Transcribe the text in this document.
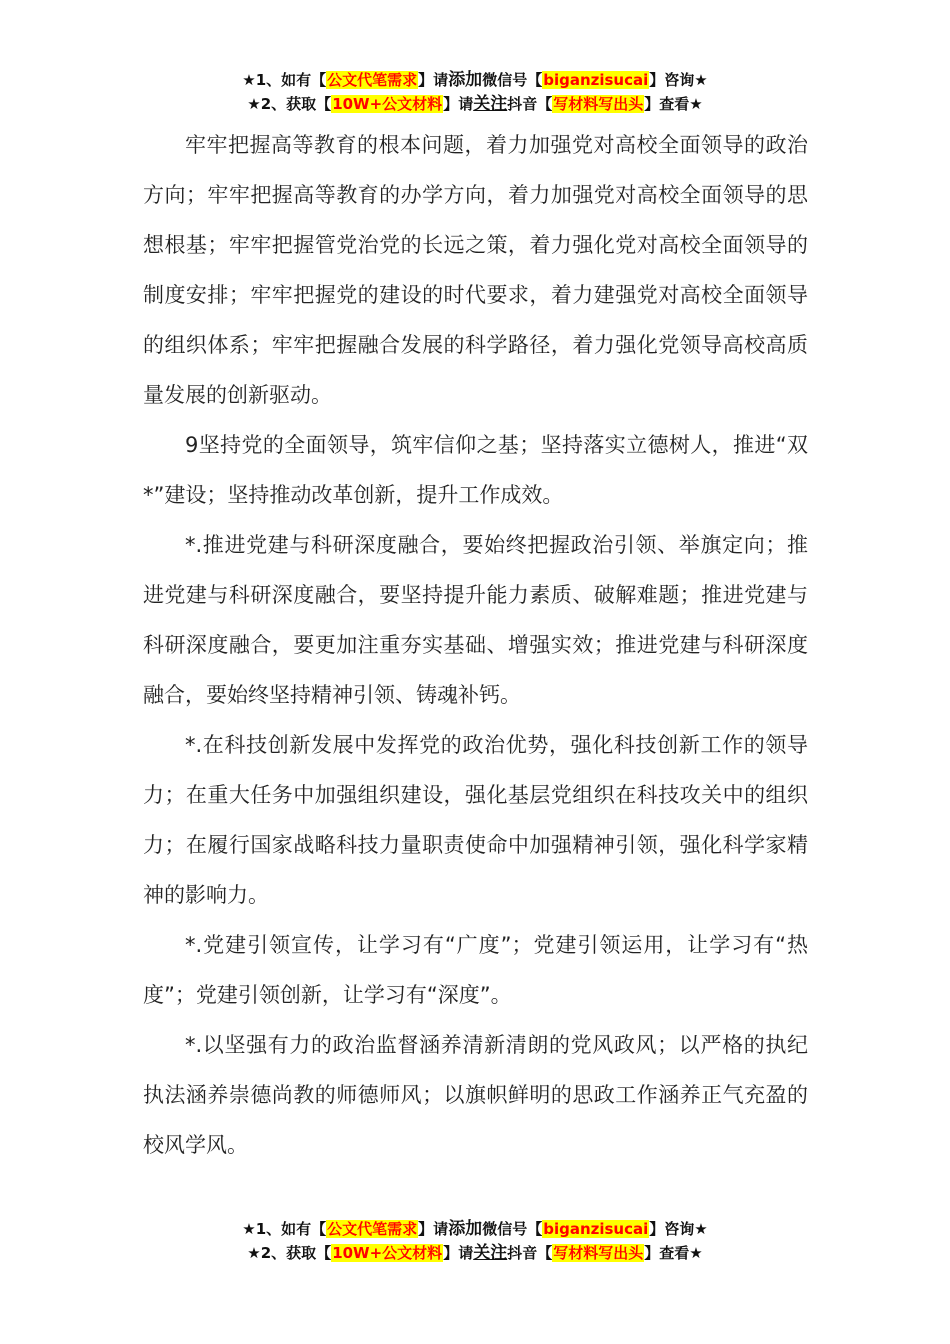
★1、如有【公文代笔需求】请添加微信号【biganzisucai】咨询★
★2、获取【10W+公文材料】请关注抖音【写材料写出头】查看★

牢牢把握高等教育的根本问题，着力加强党对高校全面领导的政治方向；牢牢把握高等教育的办学方向，着力加强党对高校全面领导的思想根基；牢牢把握管党治党的长远之策，着力强化党对高校全面领导的制度安排；牢牢把握党的建设的时代要求，着力建强党对高校全面领导的组织体系；牢牢把握融合发展的科学路径，着力强化党领导高校高质量发展的创新驱动。

9坚持党的全面领导，筑牢信仰之基；坚持落实立德树人，推进“双*”建设；坚持推动改革创新，提升工作成效。

*.推进党建与科研深度融合，要始终把握政治引领、举旗定向；推进党建与科研深度融合，要坚持提升能力素质、破解难题；推进党建与科研深度融合，要更加注重夯实基础、增强实效；推进党建与科研深度融合，要始终坚持精神引领、铸魂补钙。

*.在科技创新发展中发挥党的政治优势，强化科技创新工作的领导力；在重大任务中加强组织建设，强化基层党组织在科技攻关中的组织力；在履行国家战略科技力量职责使命中加强精神引领，强化科学家精神的影响力。

*.党建引领宣传，让学习有“广度”；党建引领运用，让学习有“热度”；党建引领创新，让学习有“深度”。

*.以坚强有力的政治监督涵养清新清朗的党风政风；以严格的执纪执法涵养崇德尚教的师德师风；以旗帜鲜明的思政工作涵养正气充盈的校风学风。

★1、如有【公文代笔需求】请添加微信号【biganzisucai】咨询★
★2、获取【10W+公文材料】请关注抖音【写材料写出头】查看★
